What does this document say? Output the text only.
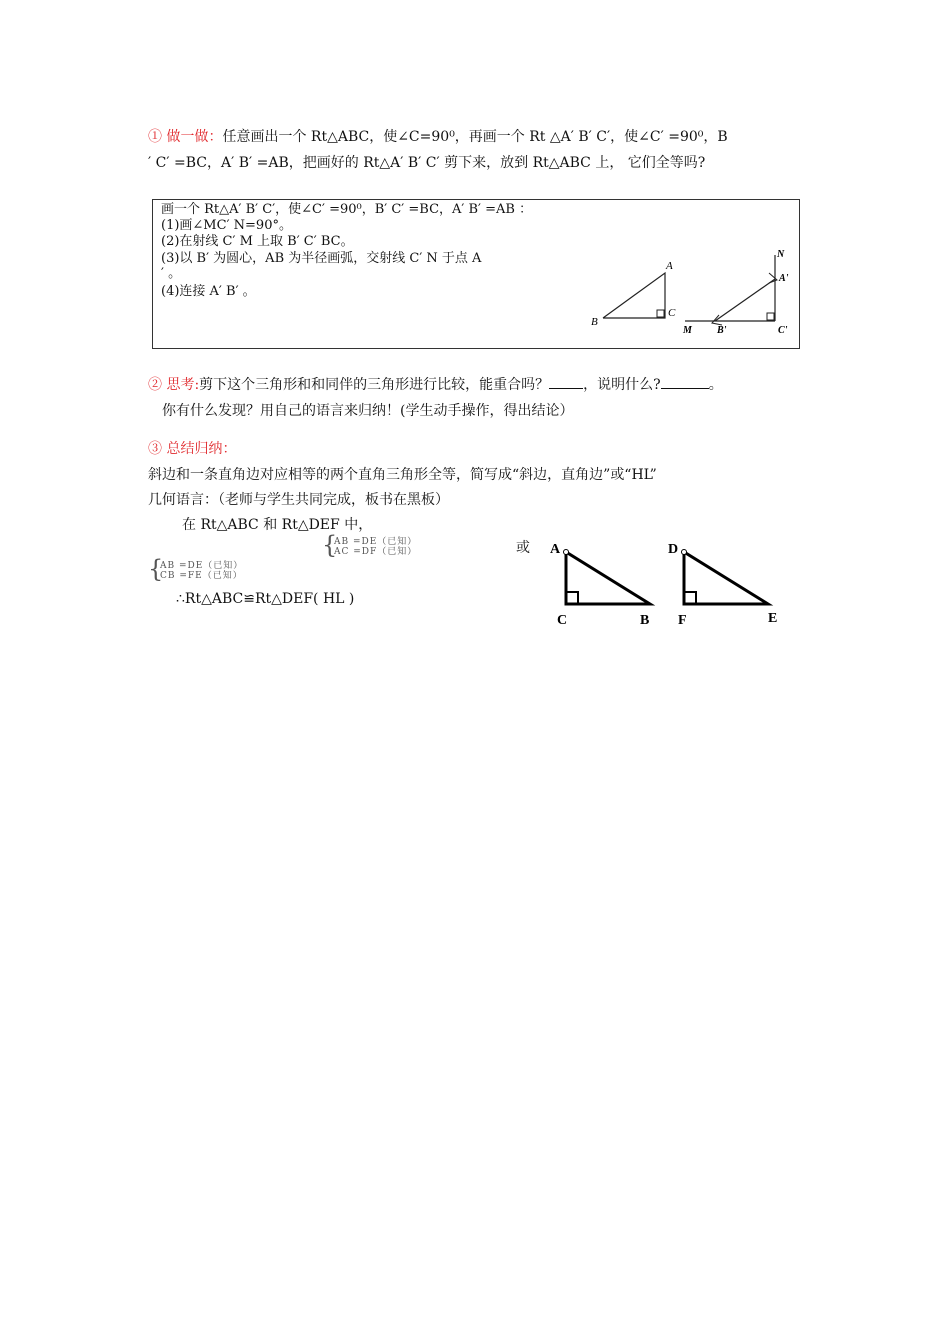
① 做一做：任意画出一个 Rt△ABC，使∠C=90⁰，再画一个 Rt △A′ B′ C′，使∠C′ =90⁰，B
′ C′ =BC，A′ B′ =AB，把画好的 Rt△A′ B′ C′ 剪下来，放到 Rt△ABC 上， 它们全等吗?
画一个 Rt△A′ B′ C′，使∠C′ =90⁰，B′ C′ =BC，A′ B′ =AB ：
(1)画∠MC′ N=90°。
(2)在射线 C′ M 上取 B′ C′ BC。
(3)以 B′ 为圆心，AB 为半径画弧，交射线 C′ N 于点 A
′ 。
(4)连接 A′ B′ 。
A
B
C
N
A'
M	B'	C'
② 思考:剪下这个三角形和和同伴的三角形进行比较，能重合吗？ ，说明什么?	。
你有什么发现？用自己的语言来归纳！(学生动手操作，得出结论）
③ 总结归纳：
斜边和一条直角边对应相等的两个直角三角形全等，简写成“斜边，直角边”或“HL”
几何语言：（老师与学生共同完成，板书在黑板）
在 Rt△ABC 和 Rt△DEF 中，
{
AB =DE（已知）
AC =DF（已知）	或
{
AB =DE（已知）
CB =FE（已知）
∴Rt△ABC≌Rt△DEF( HL )
A
C	B
D
F	E
